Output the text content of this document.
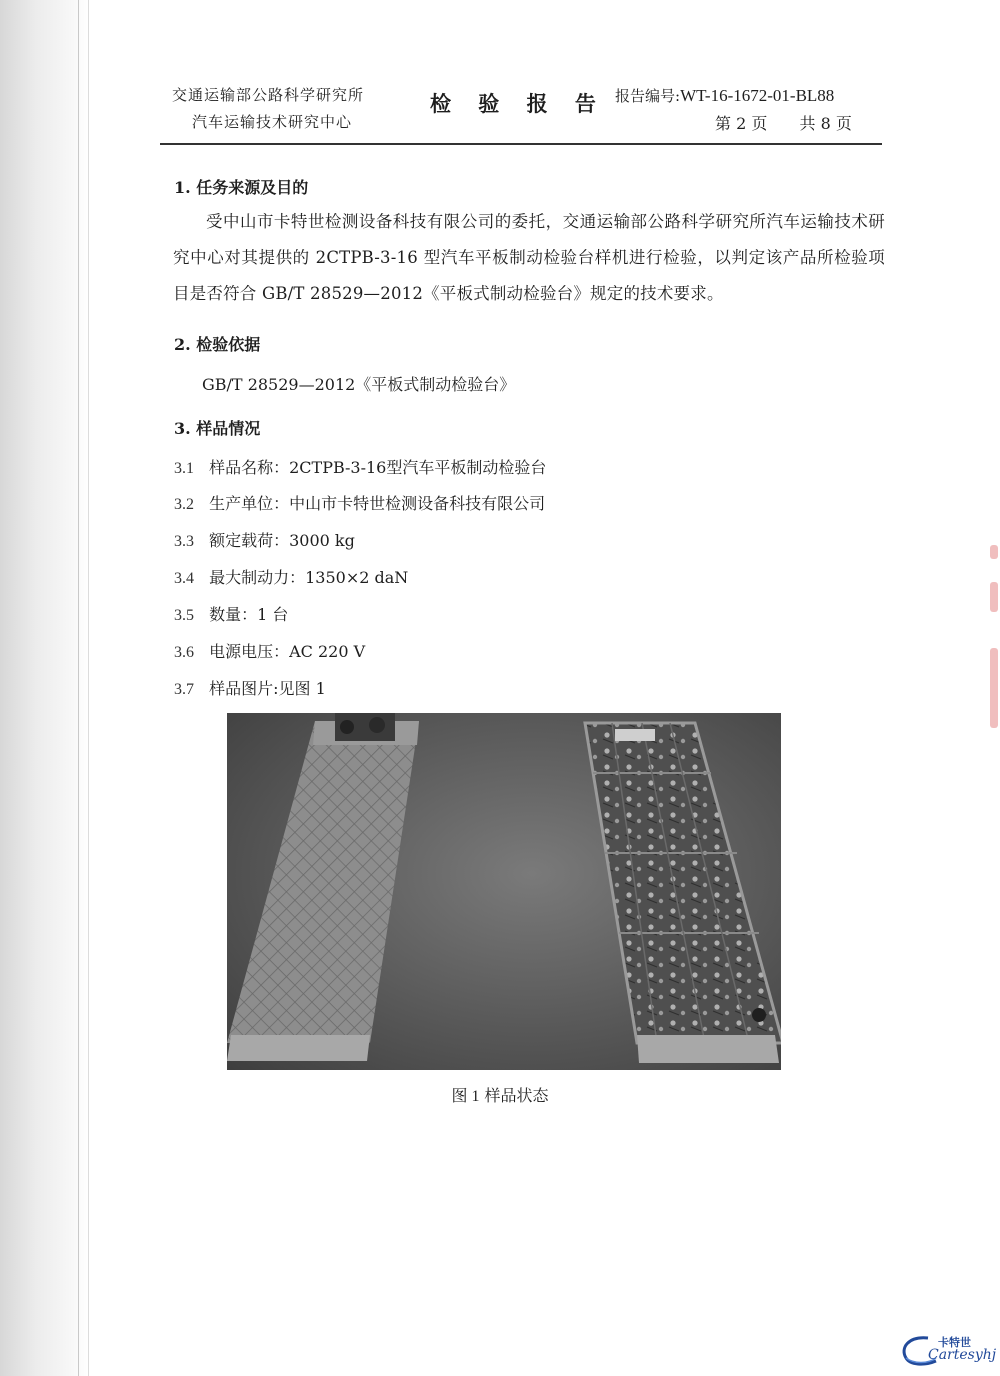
交通运输部公路科学研究所
汽车运输技术研究中心
检 验 报 告 报告编号:WT-16-1672-01-BL88
第 2 页 共 8 页
1. 任务来源及目的
受中山市卡特世检测设备科技有限公司的委托，交通运输部公路科学研究所汽车运输技术研究中心对其提供的 2CTPB-3-16 型汽车平板制动检验台样机进行检验，以判定该产品所检验项目是否符合 GB/T 28529—2012《平板式制动检验台》规定的技术要求。
2. 检验依据
GB/T 28529—2012《平板式制动检验台》
3. 样品情况
3.1 样品名称：2CTPB-3-16型汽车平板制动检验台
3.2 生产单位：中山市卡特世检测设备科技有限公司
3.3 额定载荷：3000 kg
3.4 最大制动力：1350×2 daN
3.5 数量：1 台
3.6 电源电压：AC 220 V
3.7 样品图片:见图 1
图 1 样品状态
卡特世
Cartesyhj
